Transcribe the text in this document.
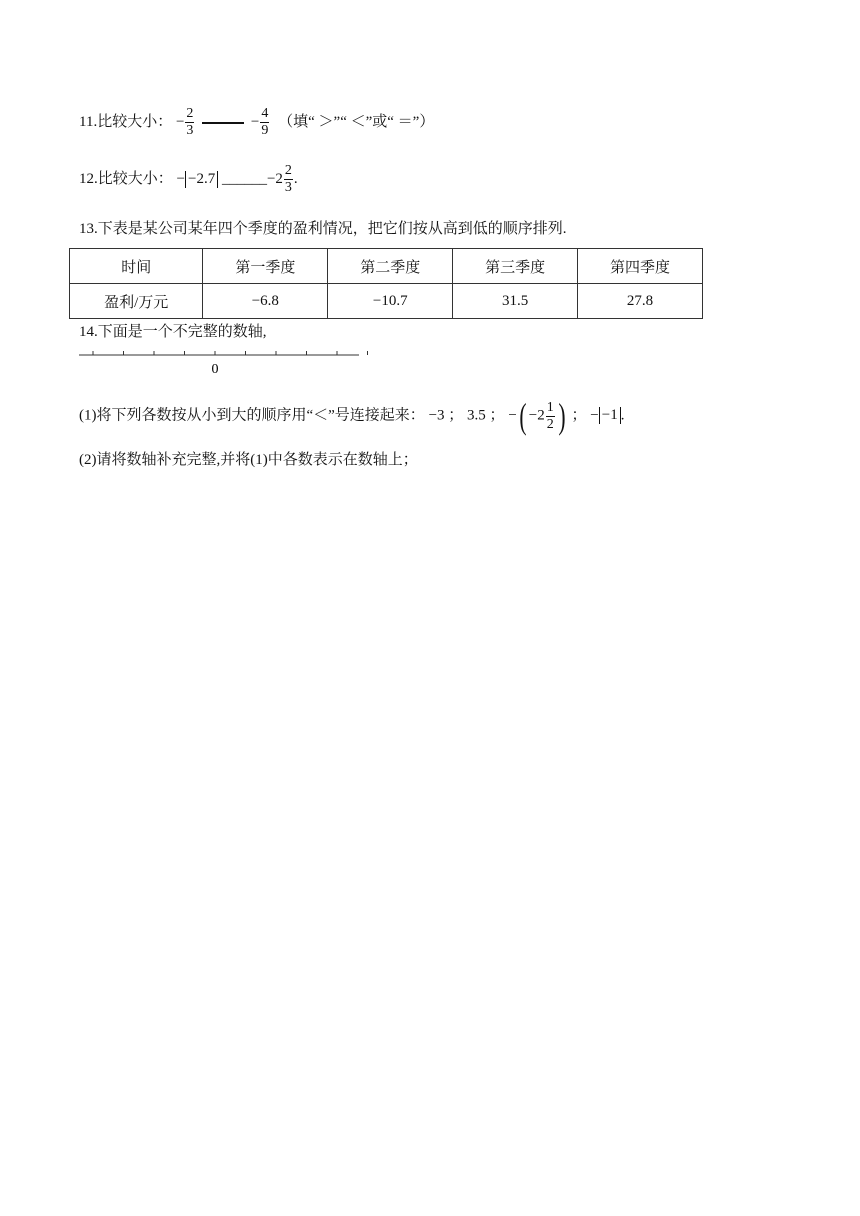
11.比较大小： − $\frac{2}{3}$	− $\frac{4}{9}$ （填“ ＞”“ ＜”或“ ＝”）
12.比较大小： − −2.7 ______−2 $\frac{2}{3}$ .
13.下表是某公司某年四个季度的盈利情况，把它们按从高到低的顺序排列.
时间	第一季度	第二季度	第三季度	第四季度
盈利/万元	−6.8	−10.7	31.5	27.8
14.下面是一个不完整的数轴,
0
(1)将下列各数按从小到大的顺序用“＜”号连接起来： −3 ； 3.5 ； −( $-2 \frac{1}{2}$ ) ； − −1 .
(2)请将数轴补充完整,并将(1)中各数表示在数轴上；
